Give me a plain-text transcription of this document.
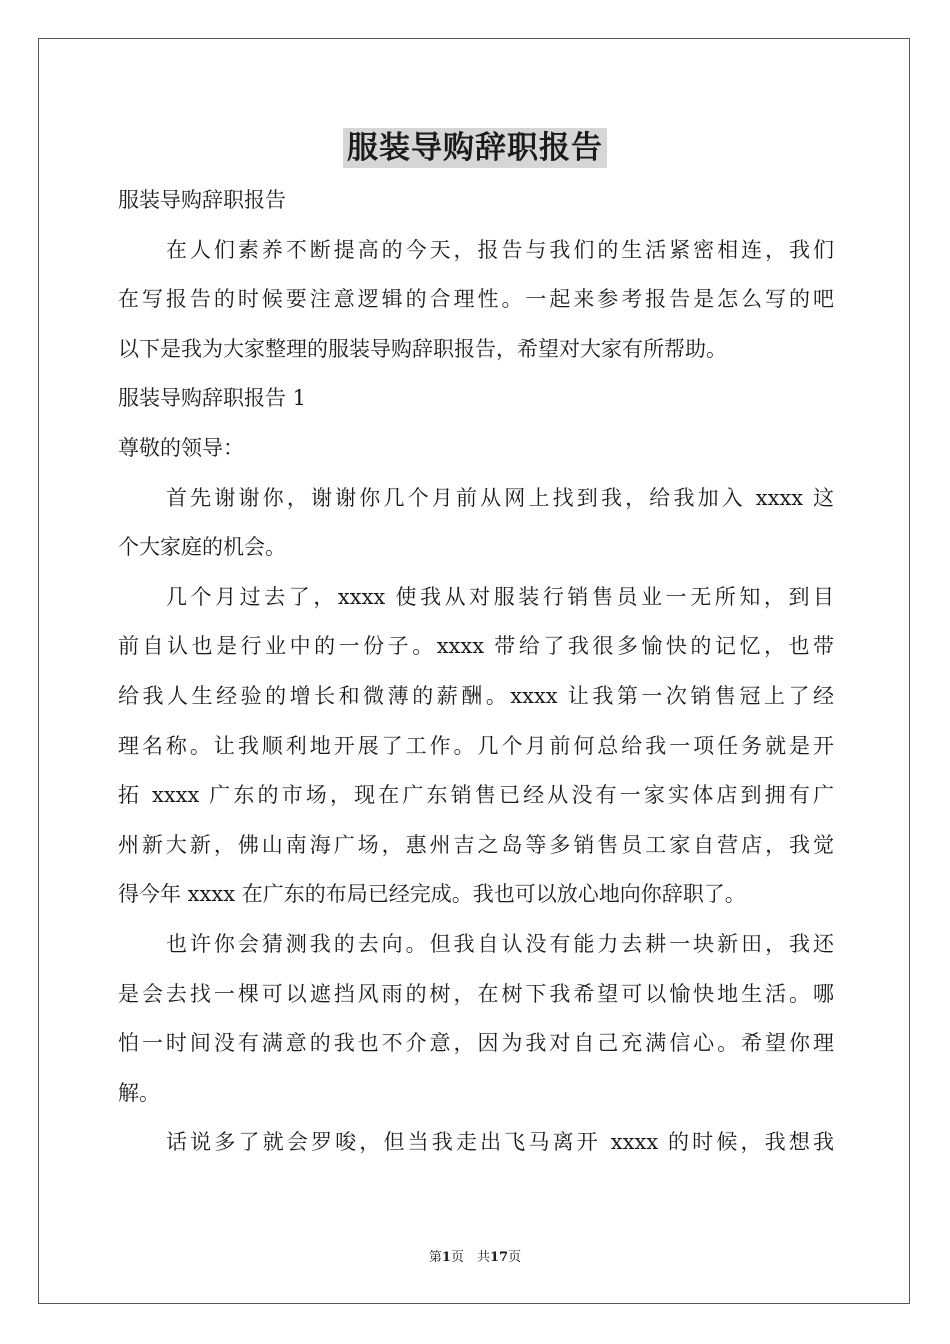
服装导购辞职报告
服装导购辞职报告
在人们素养不断提高的今天，报告与我们的生活紧密相连，我们
在写报告的时候要注意逻辑的合理性。一起来参考报告是怎么写的吧
以下是我为大家整理的服装导购辞职报告，希望对大家有所帮助。
服装导购辞职报告 1
尊敬的领导：
首先谢谢你，谢谢你几个月前从网上找到我，给我加入 xxxx 这
个大家庭的机会。
几个月过去了，xxxx 使我从对服装行销售员业一无所知，到目
前自认也是行业中的一份子。xxxx 带给了我很多愉快的记忆，也带
给我人生经验的增长和微薄的薪酬。xxxx 让我第一次销售冠上了经
理名称。让我顺利地开展了工作。几个月前何总给我一项任务就是开
拓 xxxx 广东的市场，现在广东销售已经从没有一家实体店到拥有广
州新大新，佛山南海广场，惠州吉之岛等多销售员工家自营店，我觉
得今年 xxxx 在广东的布局已经完成。我也可以放心地向你辞职了。
也许你会猜测我的去向。但我自认没有能力去耕一块新田，我还
是会去找一棵可以遮挡风雨的树，在树下我希望可以愉快地生活。哪
怕一时间没有满意的我也不介意，因为我对自己充满信心。希望你理
解。
话说多了就会罗唆，但当我走出飞马离开 xxxx 的时候，我想我
第1页　共17页
